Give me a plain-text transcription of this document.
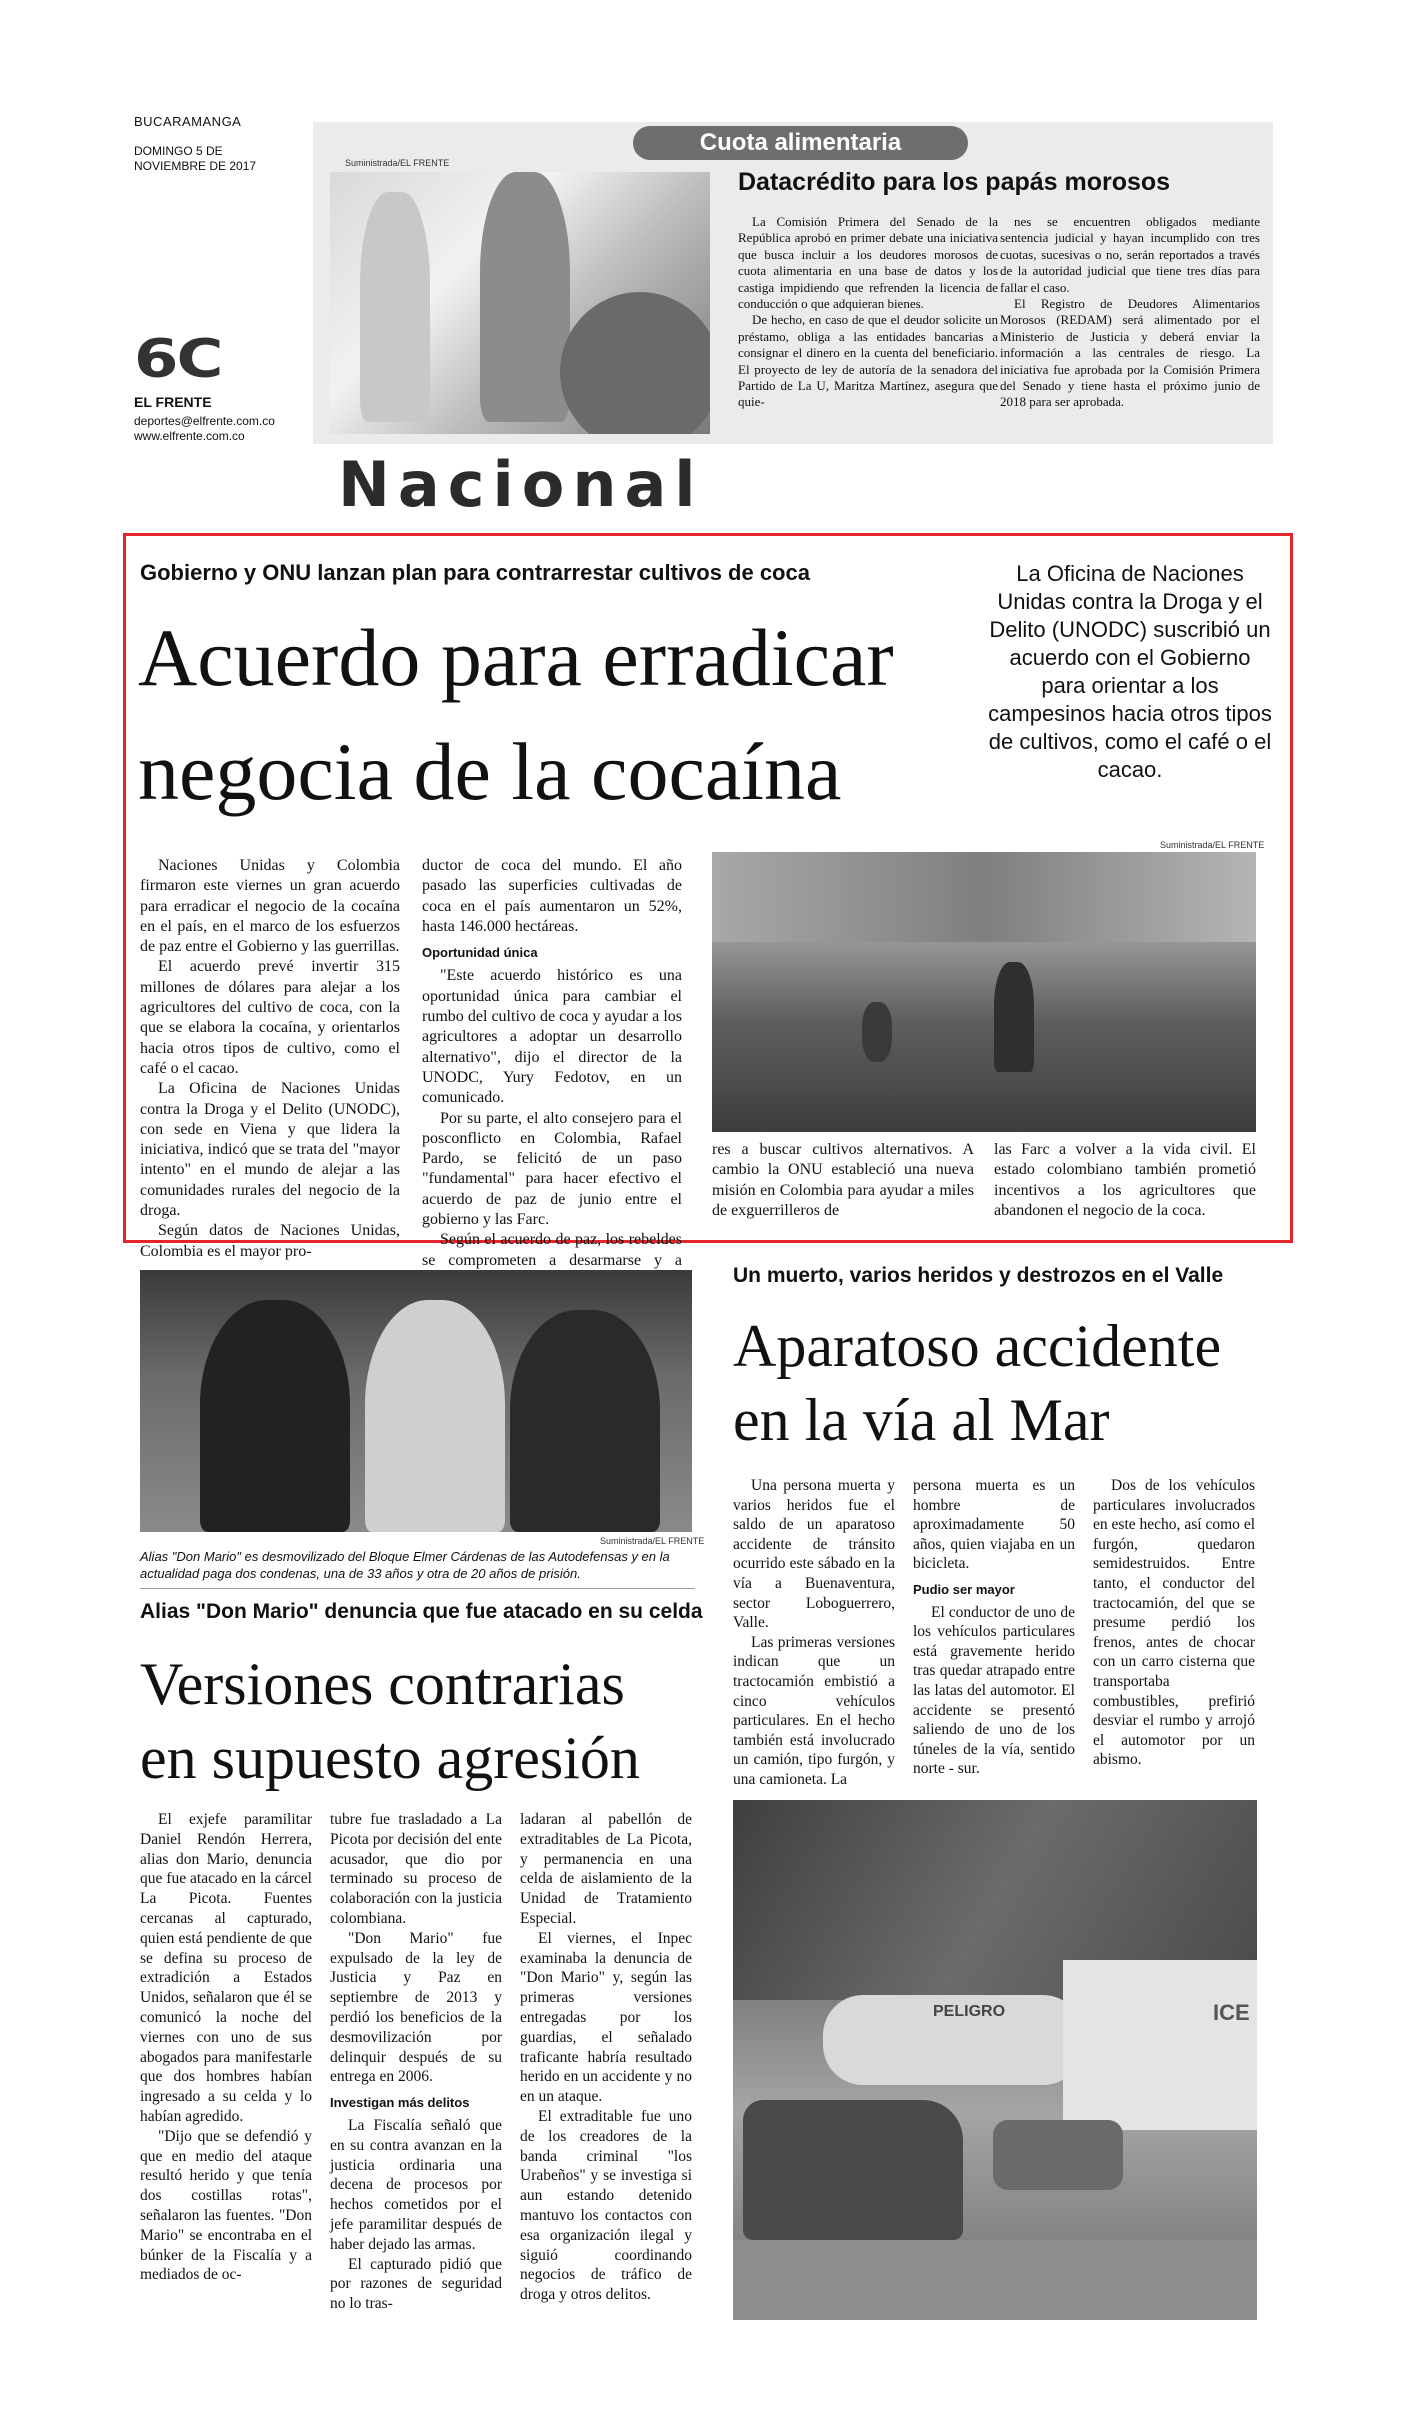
BUCARAMANGA
DOMINGO 5 DE NOVIEMBRE DE 2017
6C
EL FRENTE
deportes@elfrente.com.co
www.elfrente.com.co
Suministrada/EL FRENTE
Cuota alimentaria
Datacrédito para los papás morosos

La Comisión Primera del Senado de la República aprobó en primer debate una iniciativa que busca incluir a los deudores morosos de cuota alimentaria en una base de datos y los castiga impidiendo que refrenden la licencia de conducción o que adquieran bienes.

De hecho, en caso de que el deudor solicite un préstamo, obliga a las entidades bancarias a consignar el dinero en la cuenta del beneficiario. El proyecto de ley de autoría de la senadora del Partido de La U, Maritza Martínez, asegura que quie-

nes se encuentren obligados mediante sentencia judicial y hayan incumplido con tres cuotas, sucesivas o no, serán reportados a través de la autoridad judicial que tiene tres días para fallar el caso.

El Registro de Deudores Alimentarios Morosos (REDAM) será alimentado por el Ministerio de Justicia y deberá enviar la información a las centrales de riesgo. La iniciativa fue aprobada por la Comisión Primera del Senado y tiene hasta el próximo junio de 2018 para ser aprobada.

Nacional
Gobierno y ONU lanzan plan para contrarrestar cultivos de coca
Acuerdo para erradicar
negocia de la cocaína
La Oficina de Naciones Unidas contra la Droga y el Delito (UNODC) suscribió un acuerdo con el Gobierno para orientar a los campesinos hacia otros tipos de cultivos, como el café o el cacao.

Naciones Unidas y Colombia firmaron este viernes un gran acuerdo para erradicar el negocio de la cocaína en el país, en el marco de los esfuerzos de paz entre el Gobierno y las guerrillas.

El acuerdo prevé invertir 315 millones de dólares para alejar a los agricultores del cultivo de coca, con la que se elabora la cocaína, y orientarlos hacia otros tipos de cultivo, como el café o el cacao.

La Oficina de Naciones Unidas contra la Droga y el Delito (UNODC), con sede en Viena y que lidera la iniciativa, indicó que se trata del "mayor intento" en el mundo de alejar a las comunidades rurales del negocio de la droga.

Según datos de Naciones Unidas, Colombia es el mayor pro-

ductor de coca del mundo. El año pasado las superficies cultivadas de coca en el país aumentaron un 52%, hasta 146.000 hectáreas.

Oportunidad única

"Este acuerdo histórico es una oportunidad única para cambiar el rumbo del cultivo de coca y ayudar a los agricultores a adoptar un desarrollo alternativo", dijo el director de la UNODC, Yury Fedotov, en un comunicado.

Por su parte, el alto consejero para el posconflicto en Colombia, Rafael Pardo, se felicitó de un paso "fundamental" para hacer efectivo el acuerdo de paz de junio entre el gobierno y las Farc.

Según el acuerdo de paz, los rebeldes se comprometen a desarmarse y a

Suministrada/EL FRENTE

res a buscar cultivos alternativos. A cambio la ONU estableció una nueva misión en Colombia para ayudar a miles de exguerrilleros de

las Farc a volver a la vida civil. El estado colombiano también prometió incentivos a los agricultores que abandonen el negocio de la coca.

Suministrada/EL FRENTE
Alias "Don Mario" es desmovilizado del Bloque Elmer Cárdenas de las Autodefensas y en la actualidad paga dos condenas, una de 33 años y otra de 20 años de prisión.
Alias "Don Mario" denuncia que fue atacado en su celda
Versiones contrarias
en supuesto agresión

El exjefe paramilitar Daniel Rendón Herrera, alias don Mario, denuncia que fue atacado en la cárcel La Picota. Fuentes cercanas al capturado, quien está pendiente de que se defina su proceso de extradición a Estados Unidos, señalaron que él se comunicó la noche del viernes con uno de sus abogados para manifestarle que dos hombres habían ingresado a su celda y lo habían agredido.

"Dijo que se defendió y que en medio del ataque resultó herido y que tenía dos costillas rotas", señalaron las fuentes. "Don Mario" se encontraba en el búnker de la Fiscalía y a mediados de oc-

tubre fue trasladado a La Picota por decisión del ente acusador, que dio por terminado su proceso de colaboración con la justicia colombiana.

"Don Mario" fue expulsado de la ley de Justicia y Paz en septiembre de 2013 y perdió los beneficios de la desmovilización por delinquir después de su entrega en 2006.

Investigan más delitos

La Fiscalía señaló que en su contra avanzan en la justicia ordinaria una decena de procesos por hechos cometidos por el jefe paramilitar después de haber dejado las armas.

El capturado pidió que por razones de seguridad no lo tras-

ladaran al pabellón de extraditables de La Picota, y permanencia en una celda de aislamiento de la Unidad de Tratamiento Especial.

El viernes, el Inpec examinaba la denuncia de "Don Mario" y, según las primeras versiones entregadas por los guardias, el señalado traficante habría resultado herido en un accidente y no en un ataque.

El extraditable fue uno de los creadores de la banda criminal "los Urabeños" y se investiga si aun estando detenido mantuvo los contactos con esa organización ilegal y siguió coordinando negocios de tráfico de droga y otros delitos.

Un muerto, varios heridos y destrozos en el Valle
Aparatoso accidente
en la vía al Mar

Una persona muerta y varios heridos fue el saldo de un aparatoso accidente de tránsito ocurrido este sábado en la vía a Buenaventura, sector Loboguerrero, Valle.

Las primeras versiones indican que un tractocamión embistió a cinco vehículos particulares. En el hecho también está involucrado un camión, tipo furgón, y una camioneta. La

persona muerta es un hombre de aproximadamente 50 años, quien viajaba en un bicicleta.

Pudio ser mayor

El conductor de uno de los vehículos particulares está gravemente herido tras quedar atrapado entre las latas del automotor. El accidente se presentó saliendo de uno de los túneles de la vía, sentido norte - sur.

Dos de los vehículos particulares involucrados en este hecho, así como el furgón, quedaron semidestruidos. Entre tanto, el conductor del tractocamión, del que se presume perdió los frenos, antes de chocar con un carro cisterna que transportaba combustibles, prefirió desviar el rumbo y arrojó el automotor por un abismo.

PELIGRO	ICE
